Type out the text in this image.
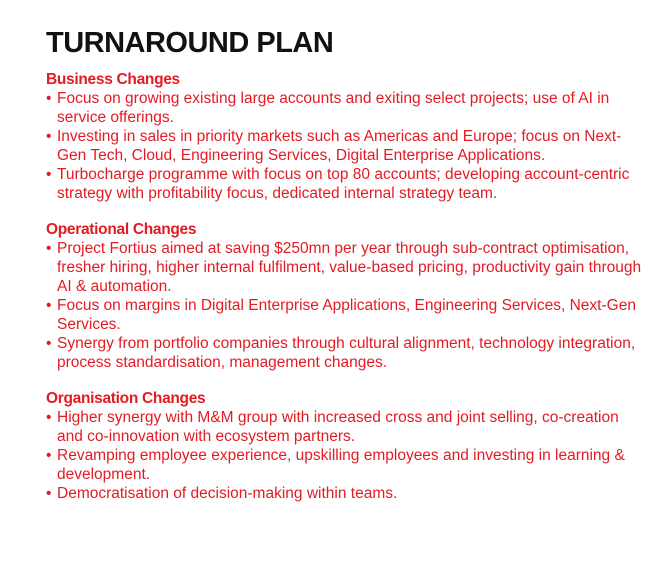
TURNAROUND PLAN
Business Changes
• Focus on growing existing large accounts and exiting select projects; use of AI in service offerings.
• Investing in sales in priority markets such as Americas and Europe; focus on Next-Gen Tech, Cloud, Engineering Services, Digital Enterprise Applications.
• Turbocharge programme with focus on top 80 accounts; developing account-centric strategy with profitability focus, dedicated internal strategy team.
Operational Changes
• Project Fortius aimed at saving $250mn per year through sub-contract optimisation, fresher hiring, higher internal fulfilment, value-based pricing, productivity gain through AI & automation.
• Focus on margins in Digital Enterprise Applications, Engineering Services, Next-Gen Services.
• Synergy from portfolio companies through cultural alignment, technology integration, process standardisation, management changes.
Organisation Changes
• Higher synergy with M&M group with increased cross and joint selling, co-creation and co-innovation with ecosystem partners.
• Revamping employee experience, upskilling employees and investing in learning & development.
• Democratisation of decision-making within teams.
